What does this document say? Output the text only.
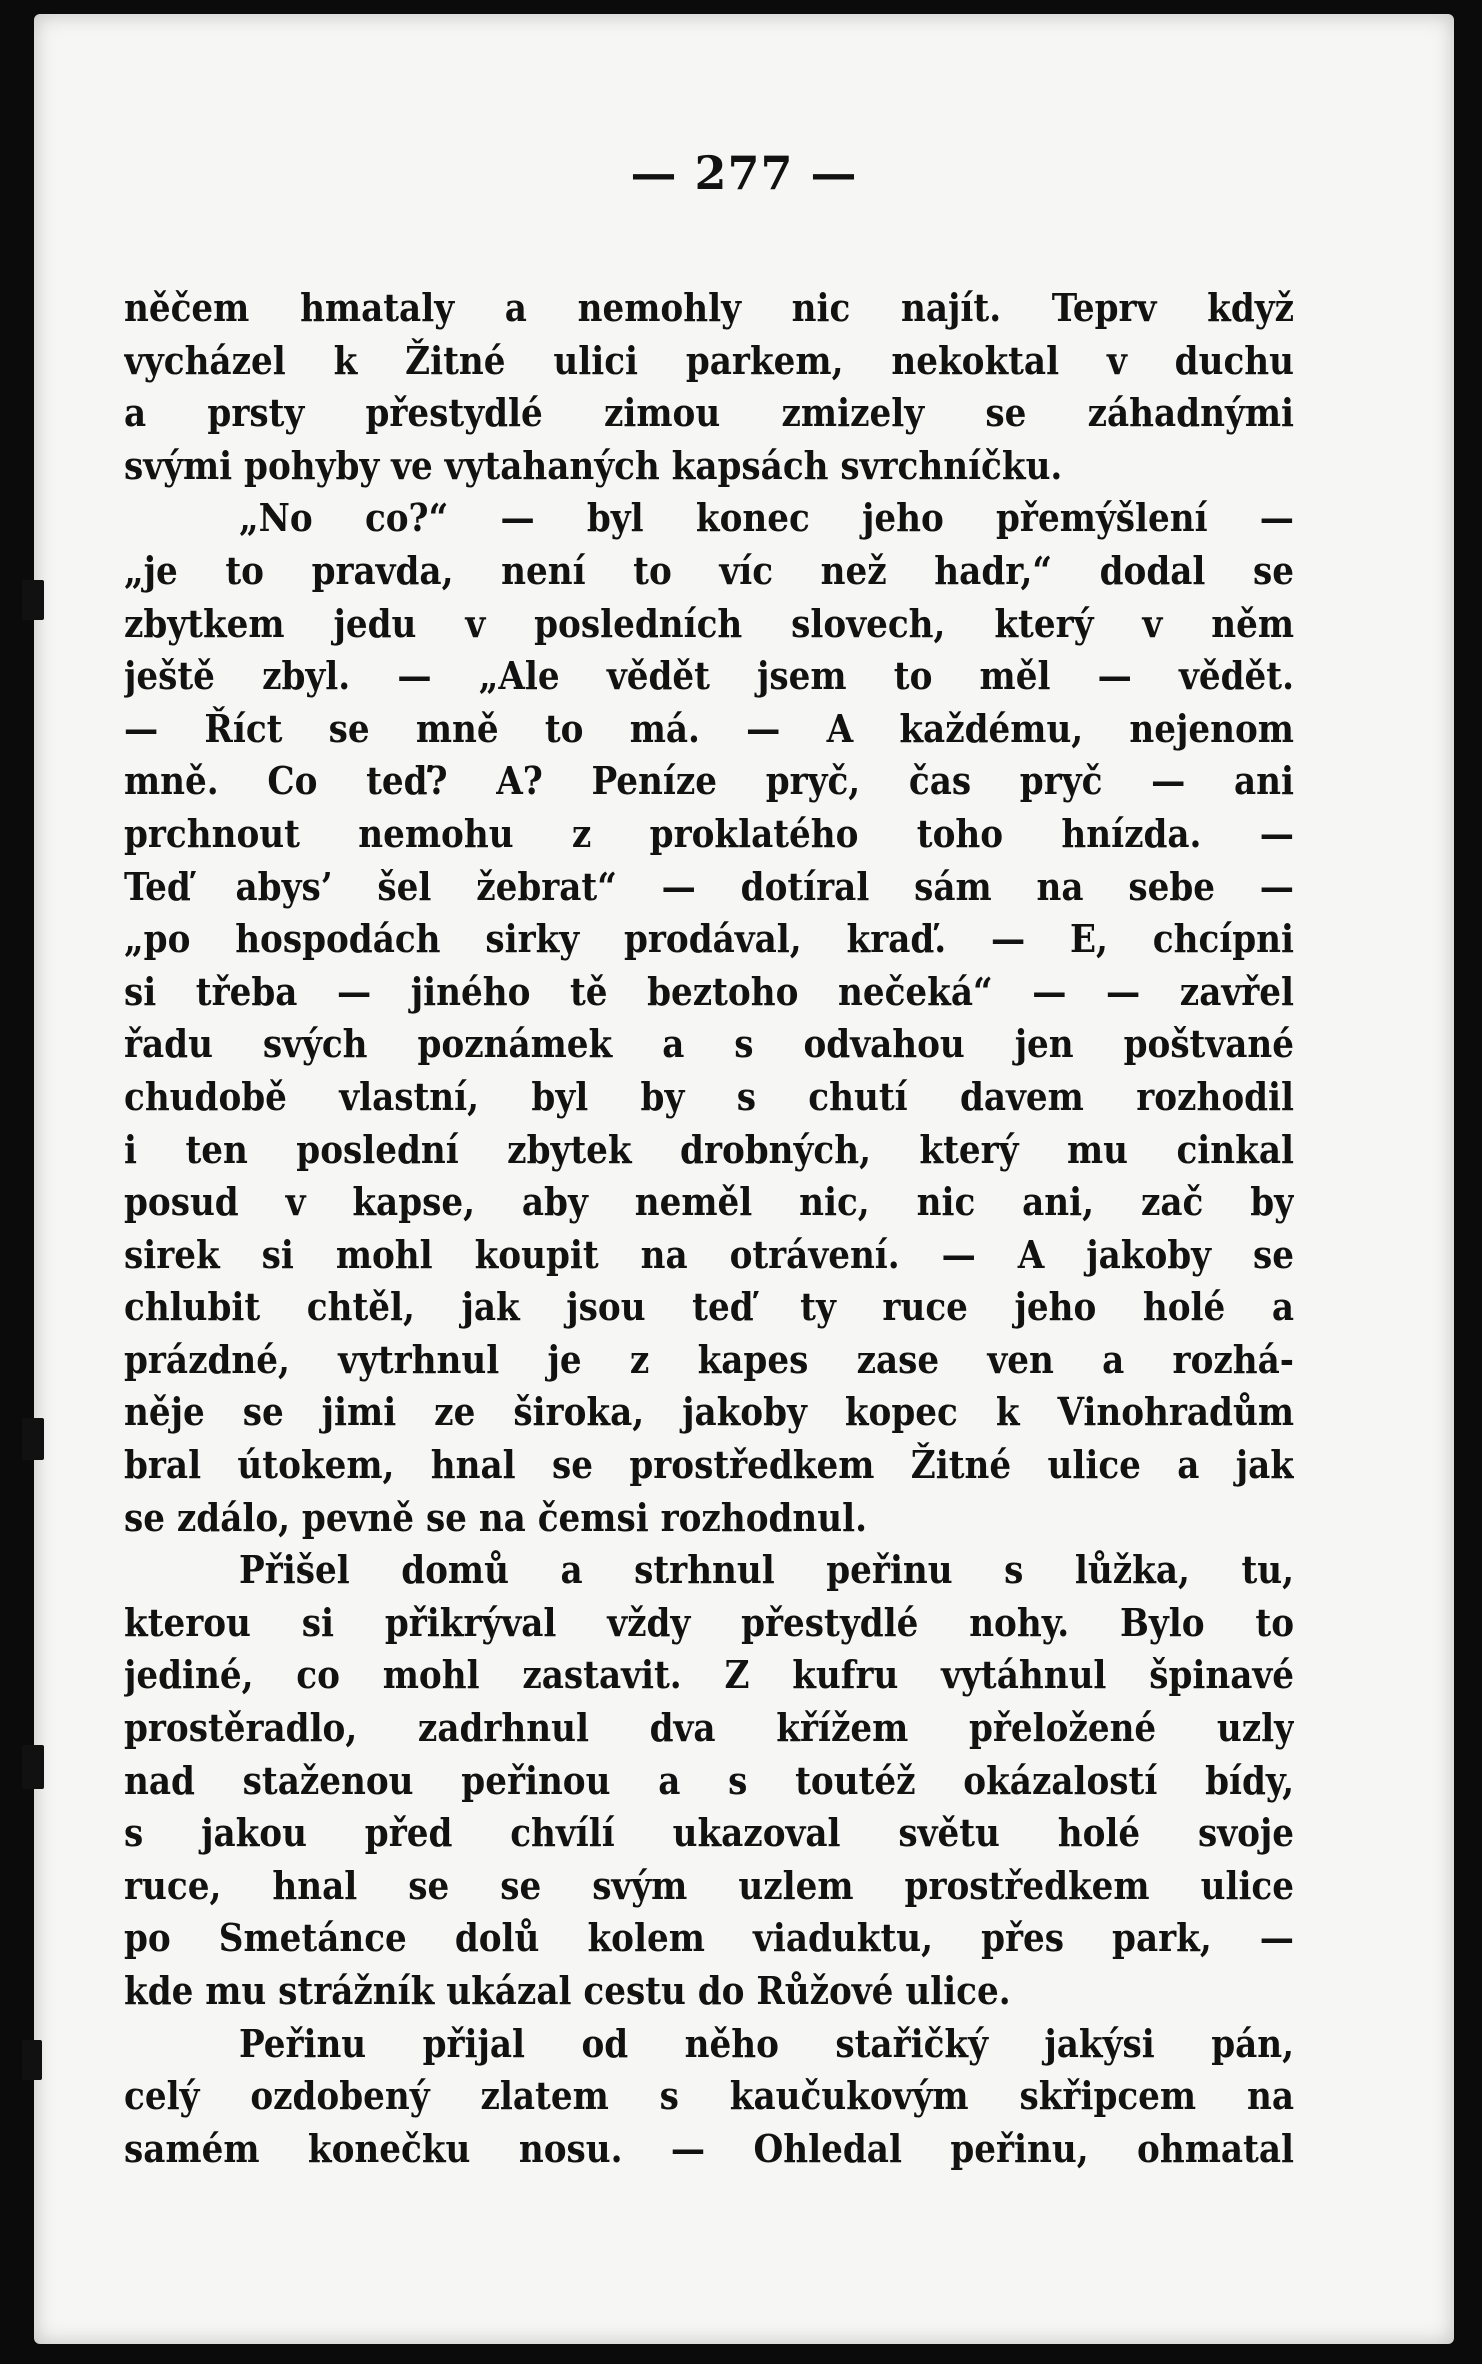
— 277 —
něčem hmataly a nemohly nic najít. Teprv když
vycházel k Žitné ulici parkem, nekoktal v duchu
a prsty přestydlé zimou zmizely se záhadnými
svými pohyby ve vytahaných kapsách svrchníčku.
„No co?“ — byl konec jeho přemýšlení —
„je to pravda, není to víc než hadr,“ dodal se
zbytkem jedu v posledních slovech, který v něm
ještě zbyl. — „Ale vědět jsem to měl — vědět.
— Říct se mně to má. — A každému, nejenom
mně. Co teď? A? Peníze pryč, čas pryč — ani
prchnout nemohu z proklatého toho hnízda. —
Teď abys’ šel žebrat“ — dotíral sám na sebe —
„po hospodách sirky prodával, kraď. — E, chcípni
si třeba — jiného tě beztoho nečeká“ — — zavřel
řadu svých poznámek a s odvahou jen poštvané
chudobě vlastní, byl by s chutí davem rozhodil
i ten poslední zbytek drobných, který mu cinkal
posud v kapse, aby neměl nic, nic ani, zač by
sirek si mohl koupit na otrávení. — A jakoby se
chlubit chtěl, jak jsou teď ty ruce jeho holé a
prázdné, vytrhnul je z kapes zase ven a rozhá-
něje se jimi ze široka, jakoby kopec k Vinohradům
bral útokem, hnal se prostředkem Žitné ulice a jak
se zdálo, pevně se na čemsi rozhodnul.
Přišel domů a strhnul peřinu s lůžka, tu,
kterou si přikrýval vždy přestydlé nohy. Bylo to
jediné, co mohl zastavit. Z kufru vytáhnul špinavé
prostěradlo, zadrhnul dva křížem přeložené uzly
nad staženou peřinou a s toutéž okázalostí bídy,
s jakou před chvílí ukazoval světu holé svoje
ruce, hnal se se svým uzlem prostředkem ulice
po Smetánce dolů kolem viaduktu, přes park, —
kde mu strážník ukázal cestu do Růžové ulice.
Peřinu přijal od něho stařičký jakýsi pán,
celý ozdobený zlatem s kaučukovým skřipcem na
samém konečku nosu. — Ohledal peřinu, ohmatal
